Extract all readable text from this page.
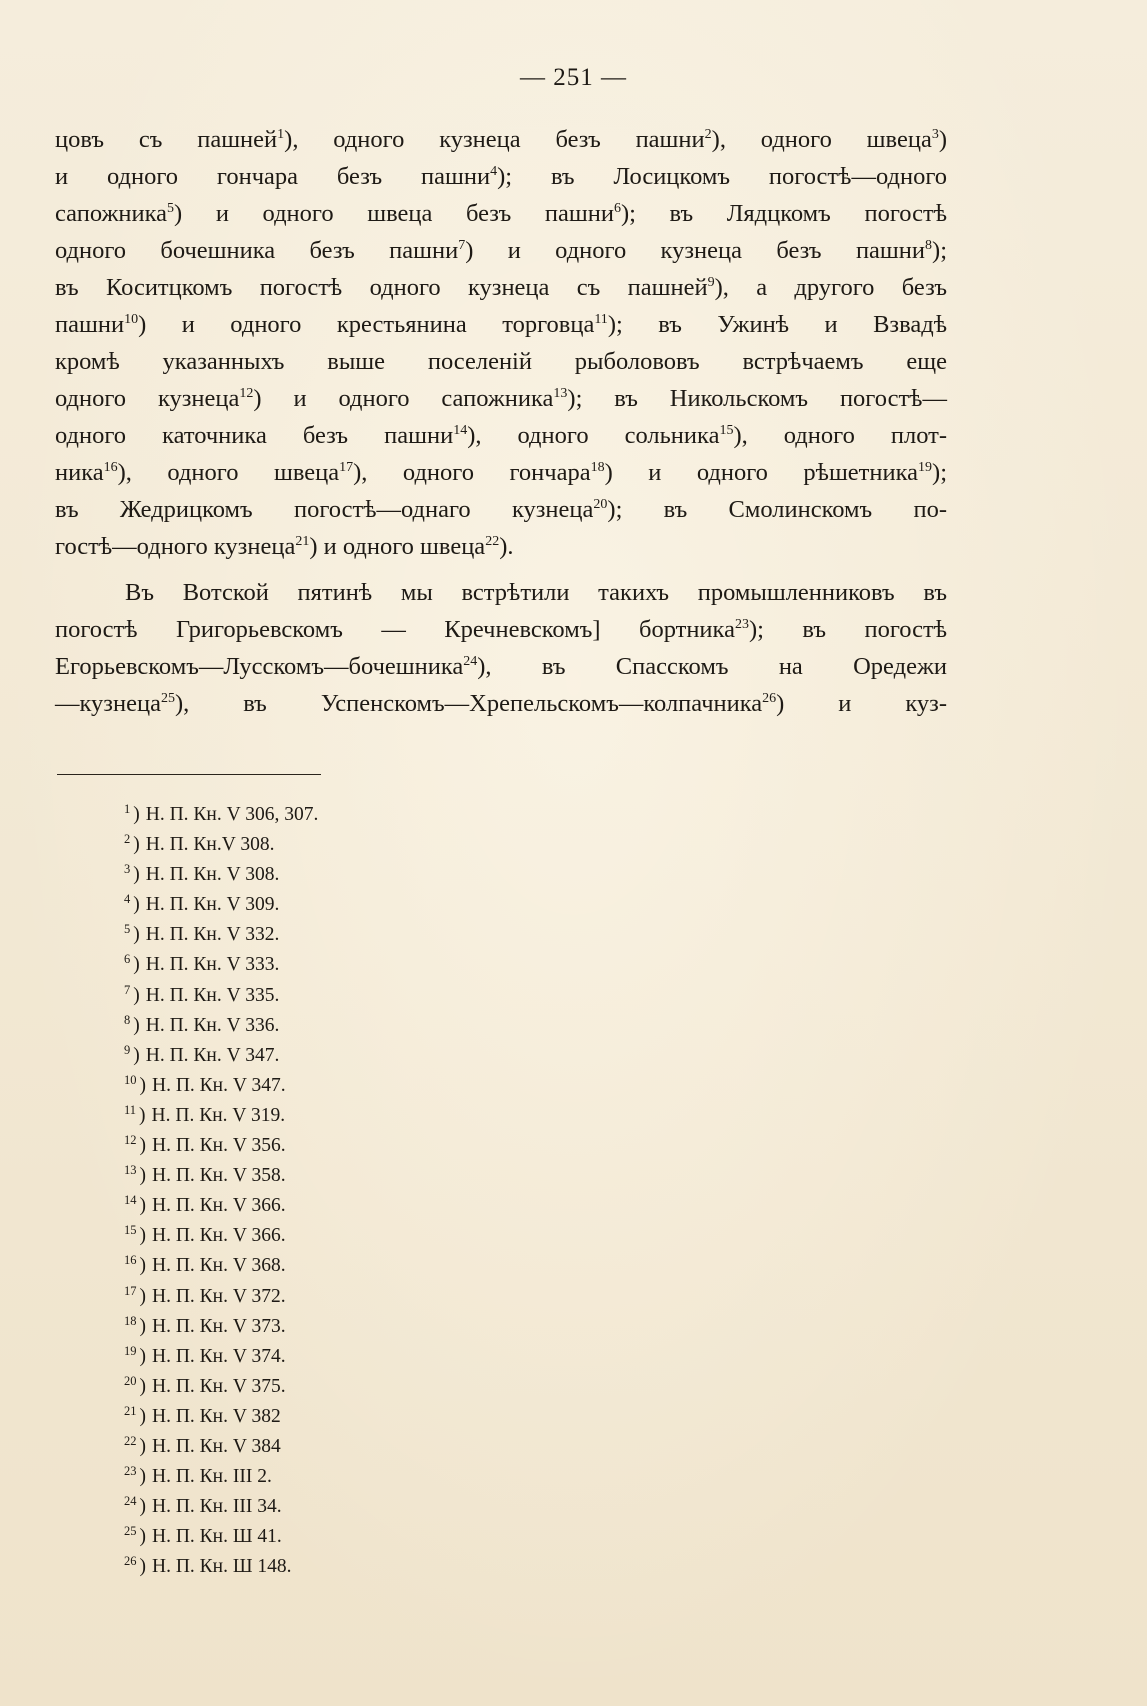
— 251 —
цовъ съ пашней$^1$), одного кузнеца безъ пашни$^2$), одного швеца$^3$)
и одного гончара безъ пашни$^4$); въ Лосицкомъ погостѣ—одного
сапожника$^5$) и одного швеца безъ пашни$^6$); въ Лядцкомъ погостѣ
одного бочешника безъ пашни$^7$) и одного кузнеца безъ пашни$^8$);
въ Коситцкомъ погостѣ одного кузнеца съ пашней$^9$), а другого безъ
пашни$^{10}$) и одного крестьянина торговца$^{11}$); въ Ужинѣ и Взвадѣ
кромѣ указанныхъ выше поселеній рыболововъ встрѣчаемъ еще
одного кузнеца$^{12}$) и одного сапожника$^{13}$); въ Никольскомъ погостѣ—
одного каточника безъ пашни$^{14}$), одного сольника$^{15}$), одного плот-
ника$^{16}$), одного швеца$^{17}$), одного гончара$^{18}$) и одного рѣшетника$^{19}$);
въ Жедрицкомъ погостѣ—однаго кузнеца$^{20}$); въ Смолинскомъ по-
гостѣ—одного кузнеца$^{21}$) и одного швеца$^{22}$).
Въ Вотской пятинѣ мы встрѣтили такихъ промышленниковъ въ
погостѣ Григорьевскомъ — Кречневскомъ] бортника$^{23}$); въ погостѣ
Егорьевскомъ—Лусскомъ—бочешника$^{24}$), въ Спасскомъ на Оредежи
—кузнеца$^{25}$), въ Успенскомъ—Хрепельскомъ—колпачника$^{26}$) и куз-
$^1$ ) Н. П. Кн. V 306, 307.
$^2$ ) Н. П. Кн.V 308.
$^3$ ) Н. П. Кн. V 308.
$^4$ ) Н. П. Кн. V 309.
$^5$ ) Н. П. Кн. V 332.
$^6$ ) Н. П. Кн. V 333.
$^7$ ) Н. П. Кн. V 335.
$^8$ ) Н. П. Кн. V 336.
$^9$ ) Н. П. Кн. V 347.
$^{10}$ ) Н. П. Кн. V 347.
$^{11}$ ) Н. П. Кн. V 319.
$^{12}$ ) Н. П. Кн. V 356.
$^{13}$ ) Н. П. Кн. V 358.
$^{14}$ ) Н. П. Кн. V 366.
$^{15}$ ) Н. П. Кн. V 366.
$^{16}$ ) Н. П. Кн. V 368.
$^{17}$ ) Н. П. Кн. V 372.
$^{18}$ ) Н. П. Кн. V 373.
$^{19}$ ) Н. П. Кн. V 374.
$^{20}$ ) Н. П. Кн. V 375.
$^{21}$ ) Н. П. Кн. V 382
$^{22}$ ) Н. П. Кн. V 384
$^{23}$ ) Н. П. Кн. III 2.
$^{24}$ ) Н. П. Кн. III 34.
$^{25}$ ) Н. П. Кн. Ш 41.
$^{26}$ ) Н. П. Кн. Ш 148.
